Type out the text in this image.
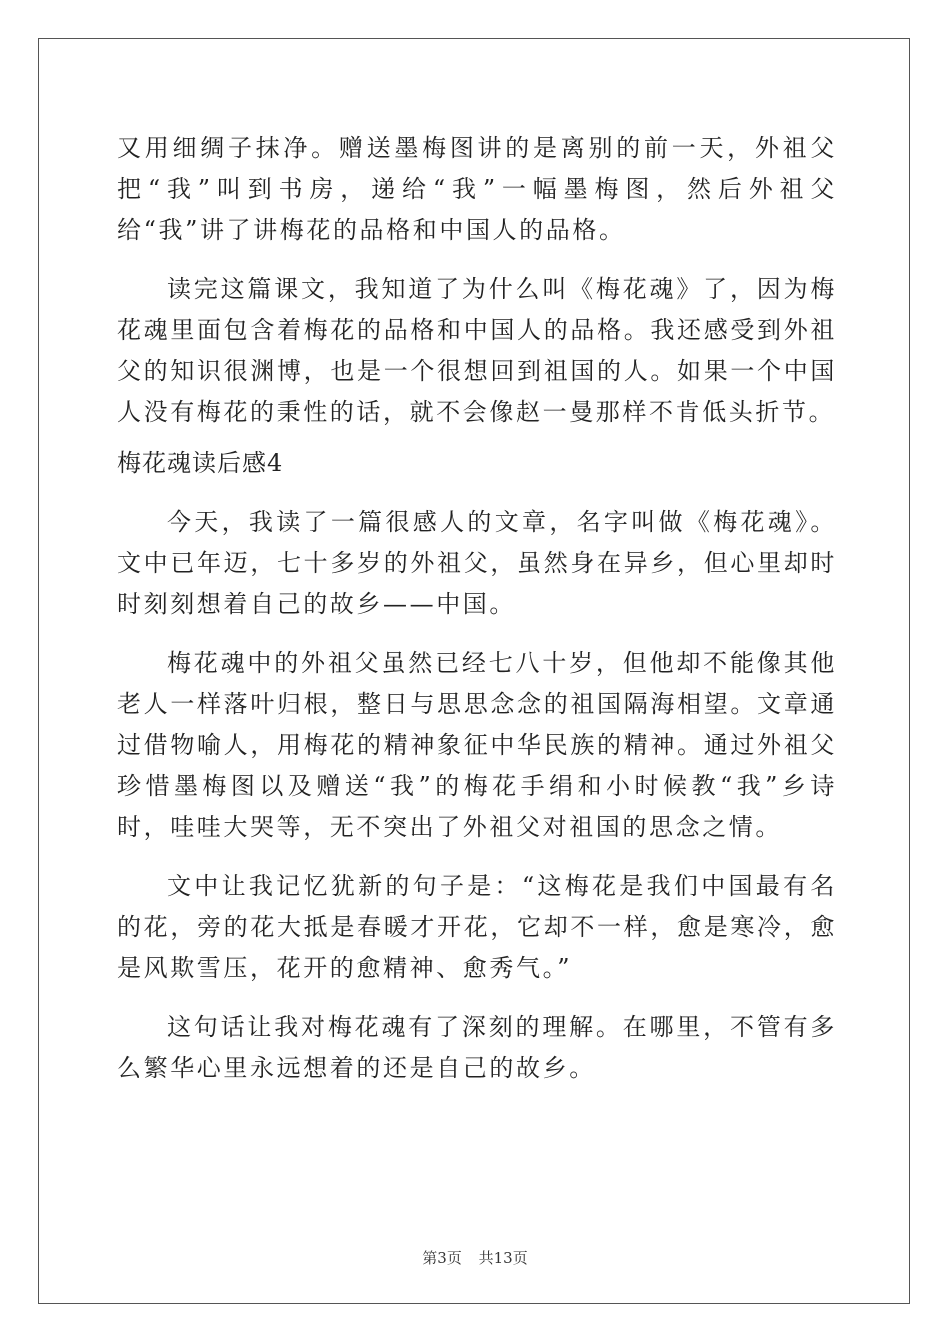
又用细绸子抹净。赠送墨梅图讲的是离别的前一天，外祖父把“我”叫到书房，递给“我”一幅墨梅图，然后外祖父给“我”讲了讲梅花的品格和中国人的品格。

读完这篇课文，我知道了为什么叫《梅花魂》了，因为梅花魂里面包含着梅花的品格和中国人的品格。我还感受到外祖父的知识很渊博，也是一个很想回到祖国的人。如果一个中国人没有梅花的秉性的话，就不会像赵一曼那样不肯低头折节。

梅花魂读后感4

今天，我读了一篇很感人的文章，名字叫做《梅花魂》。文中已年迈，七十多岁的外祖父，虽然身在异乡，但心里却时时刻刻想着自己的故乡——中国。

梅花魂中的外祖父虽然已经七八十岁，但他却不能像其他老人一样落叶归根，整日与思思念念的祖国隔海相望。文章通过借物喻人，用梅花的精神象征中华民族的精神。通过外祖父珍惜墨梅图以及赠送“我”的梅花手绢和小时候教“我”乡诗时，哇哇大哭等，无不突出了外祖父对祖国的思念之情。

文中让我记忆犹新的句子是：“这梅花是我们中国最有名的花，旁的花大抵是春暖才开花，它却不一样，愈是寒冷，愈是风欺雪压，花开的愈精神、愈秀气。”

这句话让我对梅花魂有了深刻的理解。在哪里，不管有多么繁华心里永远想着的还是自己的故乡。

第3页 共13页
